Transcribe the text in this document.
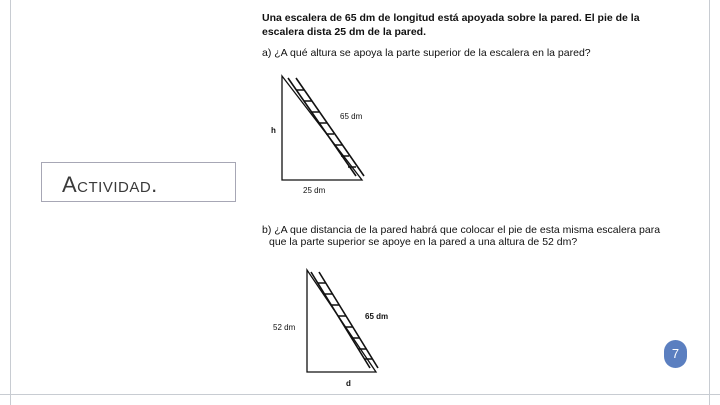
Actividad.
Una escalera de 65 dm de longitud está apoyada sobre la pared. El pie de la
escalera dista 25 dm de la pared.
a) ¿A qué altura se apoya la parte superior de la escalera en la pared?
65 dm
h
25 dm
b) ¿A que distancia de la pared habrá que colocar el pie de esta misma escalera para
que la parte superior se apoye en la pared a una altura de 52 dm?
65 dm
52 dm
d
7
